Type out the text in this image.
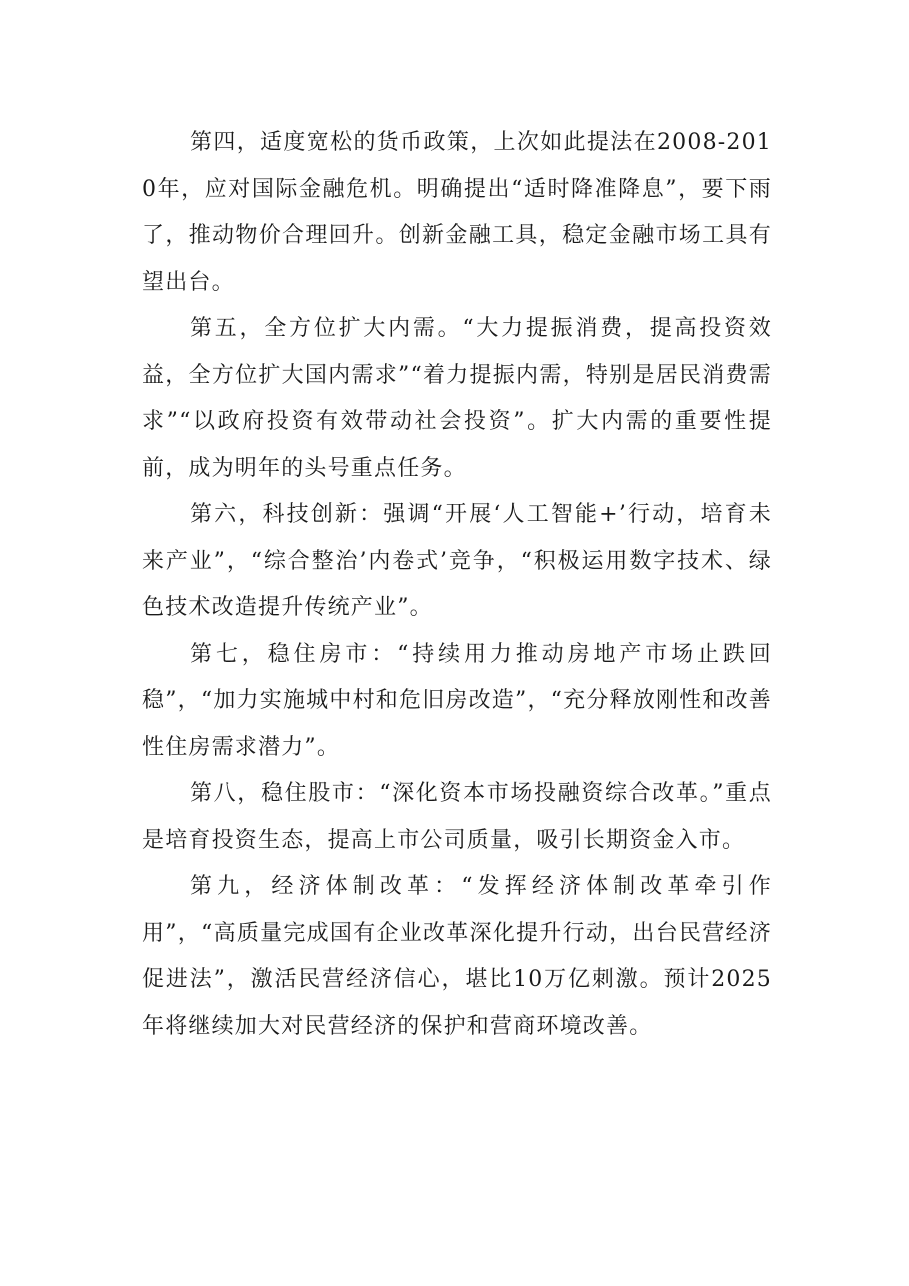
第四，适度宽松的货币政策，上次如此提法在2008-2010年，应对国际金融危机。明确提出“适时降准降息”，要下雨了，推动物价合理回升。创新金融工具，稳定金融市场工具有望出台。

第五，全方位扩大内需。“大力提振消费，提高投资效益，全方位扩大国内需求”“着力提振内需，特别是居民消费需求”“以政府投资有效带动社会投资”。扩大内需的重要性提前，成为明年的头号重点任务。

第六，科技创新：强调“开展‘人工智能+’行动，培育未来产业”，“综合整治’内卷式’竞争，“积极运用数字技术、绿色技术改造提升传统产业”。

第七，稳住房市：“持续用力推动房地产市场止跌回稳”，“加力实施城中村和危旧房改造”，“充分释放刚性和改善性住房需求潜力”。

第八，稳住股市：“深化资本市场投融资综合改革。”重点是培育投资生态，提高上市公司质量，吸引长期资金入市。

第九，经济体制改革：“发挥经济体制改革牵引作用”，“高质量完成国有企业改革深化提升行动，出台民营经济促进法”，激活民营经济信心，堪比10万亿刺激。预计2025年将继续加大对民营经济的保护和营商环境改善。
